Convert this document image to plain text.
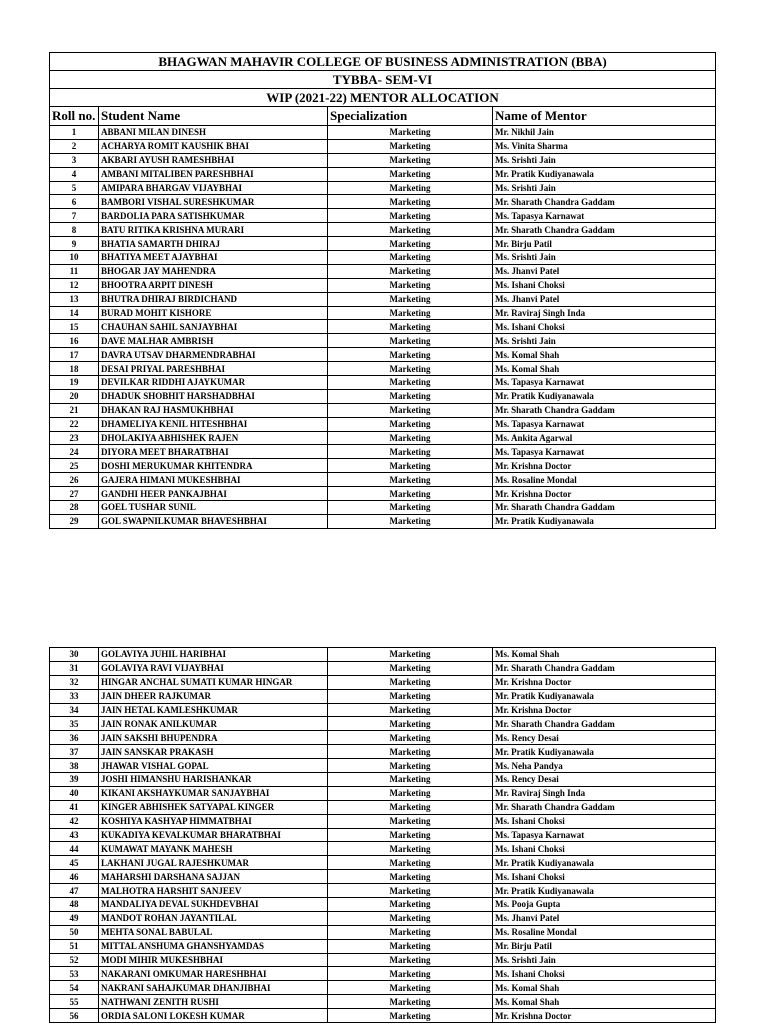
BHAGWAN MAHAVIR COLLEGE OF BUSINESS ADMINISTRATION (BBA)			
TYBBA- SEM-VI			
WIP (2021-22) MENTOR ALLOCATION			
Roll no.	Student Name	Specialization	Name of Mentor
1	ABBANI MILAN DINESH	Marketing	Mr. Nikhil Jain
2	ACHARYA ROMIT KAUSHIK BHAI	Marketing	Ms. Vinita Sharma
3	AKBARI AYUSH RAMESHBHAI	Marketing	Ms. Srishti Jain
4	AMBANI MITALIBEN PARESHBHAI	Marketing	Mr. Pratik Kudiyanawala
5	AMIPARA BHARGAV VIJAYBHAI	Marketing	Ms. Srishti Jain
6	BAMBORI VISHAL SURESHKUMAR	Marketing	Mr. Sharath Chandra Gaddam
7	BARDOLIA PARA SATISHKUMAR	Marketing	Ms. Tapasya Karnawat
8	BATU RITIKA KRISHNA MURARI	Marketing	Mr. Sharath Chandra Gaddam
9	BHATIA SAMARTH DHIRAJ	Marketing	Mr. Birju Patil
10	BHATIYA MEET AJAYBHAI	Marketing	Ms. Srishti Jain
11	BHOGAR JAY MAHENDRA	Marketing	Ms. Jhanvi Patel
12	BHOOTRA ARPIT DINESH	Marketing	Ms. Ishani Choksi
13	BHUTRA DHIRAJ BIRDICHAND	Marketing	Ms. Jhanvi Patel
14	BURAD MOHIT KISHORE	Marketing	Mr. Raviraj Singh Inda
15	CHAUHAN SAHIL SANJAYBHAI	Marketing	Ms. Ishani Choksi
16	DAVE MALHAR AMBRISH	Marketing	Ms. Srishti Jain
17	DAVRA UTSAV DHARMENDRABHAI	Marketing	Ms. Komal Shah
18	DESAI PRIYAL PARESHBHAI	Marketing	Ms. Komal Shah
19	DEVILKAR RIDDHI AJAYKUMAR	Marketing	Ms. Tapasya Karnawat
20	DHADUK SHOBHIT HARSHADBHAI	Marketing	Mr. Pratik Kudiyanawala
21	DHAKAN RAJ HASMUKHBHAI	Marketing	Mr. Sharath Chandra Gaddam
22	DHAMELIYA KENIL HITESHBHAI	Marketing	Ms. Tapasya Karnawat
23	DHOLAKIYA ABHISHEK RAJEN	Marketing	Ms. Ankita Agarwal
24	DIYORA MEET BHARATBHAI	Marketing	Ms. Tapasya Karnawat
25	DOSHI MERUKUMAR KHITENDRA	Marketing	Mr. Krishna Doctor
26	GAJERA HIMANI MUKESHBHAI	Marketing	Ms. Rosaline Mondal
27	GANDHI HEER PANKAJBHAI	Marketing	Mr. Krishna Doctor
28	GOEL TUSHAR SUNIL	Marketing	Mr. Sharath Chandra Gaddam
29	GOL SWAPNILKUMAR BHAVESHBHAI	Marketing	Mr. Pratik Kudiyanawala
30	GOLAVIYA JUHIL HARIBHAI	Marketing	Ms. Komal Shah
31	GOLAVIYA RAVI VIJAYBHAI	Marketing	Mr. Sharath Chandra Gaddam
32	HINGAR ANCHAL SUMATI KUMAR HINGAR	Marketing	Mr. Krishna Doctor
33	JAIN DHEER RAJKUMAR	Marketing	Mr. Pratik Kudiyanawala
34	JAIN HETAL KAMLESHKUMAR	Marketing	Mr. Krishna Doctor
35	JAIN RONAK ANILKUMAR	Marketing	Mr. Sharath Chandra Gaddam
36	JAIN SAKSHI BHUPENDRA	Marketing	Ms. Rency Desai
37	JAIN SANSKAR PRAKASH	Marketing	Mr. Pratik Kudiyanawala
38	JHAWAR VISHAL GOPAL	Marketing	Ms. Neha Pandya
39	JOSHI HIMANSHU HARISHANKAR	Marketing	Ms. Rency Desai
40	KIKANI AKSHAYKUMAR SANJAYBHAI	Marketing	Mr. Raviraj Singh Inda
41	KINGER ABHISHEK SATYAPAL KINGER	Marketing	Mr. Sharath Chandra Gaddam
42	KOSHIYA KASHYAP HIMMATBHAI	Marketing	Ms. Ishani Choksi
43	KUKADIYA KEVALKUMAR BHARATBHAI	Marketing	Ms. Tapasya Karnawat
44	KUMAWAT MAYANK MAHESH	Marketing	Ms. Ishani Choksi
45	LAKHANI JUGAL RAJESHKUMAR	Marketing	Mr. Pratik Kudiyanawala
46	MAHARSHI DARSHANA SAJJAN	Marketing	Ms. Ishani Choksi
47	MALHOTRA HARSHIT SANJEEV	Marketing	Mr. Pratik Kudiyanawala
48	MANDALIYA DEVAL SUKHDEVBHAI	Marketing	Ms. Pooja Gupta
49	MANDOT ROHAN JAYANTILAL	Marketing	Ms. Jhanvi Patel
50	MEHTA SONAL BABULAL	Marketing	Ms. Rosaline Mondal
51	MITTAL ANSHUMA GHANSHYAMDAS	Marketing	Mr. Birju Patil
52	MODI MIHIR MUKESHBHAI	Marketing	Ms. Srishti Jain
53	NAKARANI OMKUMAR HARESHBHAI	Marketing	Ms. Ishani Choksi
54	NAKRANI SAHAJKUMAR DHANJIBHAI	Marketing	Ms. Komal Shah
55	NATHWANI ZENITH RUSHI	Marketing	Ms. Komal Shah
56	ORDIA SALONI LOKESH KUMAR	Marketing	Mr. Krishna Doctor
